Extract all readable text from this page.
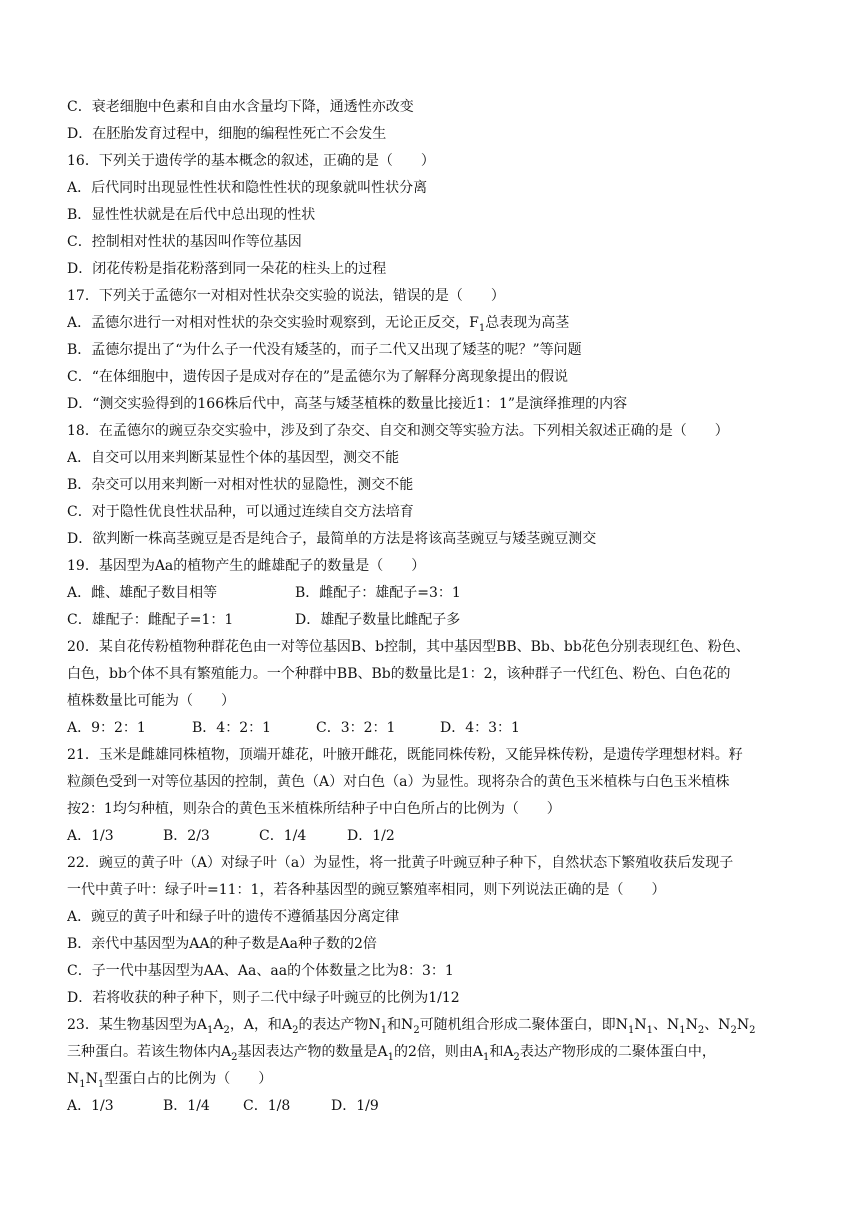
C．衰老细胞中色素和自由水含量均下降，通透性亦改变
D．在胚胎发育过程中，细胞的编程性死亡不会发生
16．下列关于遗传学的基本概念的叙述，正确的是（　　）
A．后代同时出现显性性状和隐性性状的现象就叫性状分离
B．显性性状就是在后代中总出现的性状
C．控制相对性状的基因叫作等位基因
D．闭花传粉是指花粉落到同一朵花的柱头上的过程
17．下列关于孟德尔一对相对性状杂交实验的说法，错误的是（　　）
A．孟德尔进行一对相对性状的杂交实验时观察到，无论正反交，$F_1$总表现为高茎
B．孟德尔提出了“为什么子一代没有矮茎的，而子二代又出现了矮茎的呢？”等问题
C．“在体细胞中，遗传因子是成对存在的”是孟德尔为了解释分离现象提出的假说
D．“测交实验得到的166株后代中，高茎与矮茎植株的数量比接近1：1”是演绎推理的内容
18．在孟德尔的豌豆杂交实验中，涉及到了杂交、自交和测交等实验方法。下列相关叙述正确的是（　　）
A．自交可以用来判断某显性个体的基因型，测交不能
B．杂交可以用来判断一对相对性状的显隐性，测交不能
C．对于隐性优良性状品种，可以通过连续自交方法培育
D．欲判断一株高茎豌豆是否是纯合子，最简单的方法是将该高茎豌豆与矮茎豌豆测交
19．基因型为Aa的植物产生的雌雄配子的数量是（　　）
A．雌、雄配子数目相等	B．雌配子：雄配子=3：1
C．雄配子：雌配子=1：1	D．雄配子数量比雌配子多
20．某自花传粉植物种群花色由一对等位基因B、b控制，其中基因型BB、Bb、bb花色分别表现红色、粉色、
白色，bb个体不具有繁殖能力。一个种群中BB、Bb的数量比是1：2，该种群子一代红色、粉色、白色花的
植株数量比可能为（　　）
A．9：2：1	B．4：2：1	C．3：2：1	D．4：3：1
21．玉米是雌雄同株植物，顶端开雄花，叶腋开雌花，既能同株传粉，又能异株传粉，是遗传学理想材料。籽
粒颜色受到一对等位基因的控制，黄色（A）对白色（a）为显性。现将杂合的黄色玉米植株与白色玉米植株
按2：1均匀种植，则杂合的黄色玉米植株所结种子中白色所占的比例为（　　）
A．1/3	B．2/3	C．1/4	D．1/2
22．豌豆的黄子叶（A）对绿子叶（a）为显性，将一批黄子叶豌豆种子种下，自然状态下繁殖收获后发现子
一代中黄子叶：绿子叶=11：1，若各种基因型的豌豆繁殖率相同，则下列说法正确的是（　　）
A．豌豆的黄子叶和绿子叶的遗传不遵循基因分离定律
B．亲代中基因型为AA的种子数是Aa种子数的2倍
C．子一代中基因型为AA、Aa、aa的个体数量之比为8：3：1
D．若将收获的种子种下，则子二代中绿子叶豌豆的比例为1/12
23．某生物基因型为$A_1A_2$，A，和$A_2$的表达产物$N_1$和$N_2$可随机组合形成二聚体蛋白，即$N_1N_1$、$N_1N_2$、$N_2N_2$
三种蛋白。若该生物体内$A_2$基因表达产物的数量是$A_1$的2倍，则由$A_1$和$A_2$表达产物形成的二聚体蛋白中，
$N_1N_1$型蛋白占的比例为（　　）
A．1/3	B．1/4	C．1/8	D．1/9
